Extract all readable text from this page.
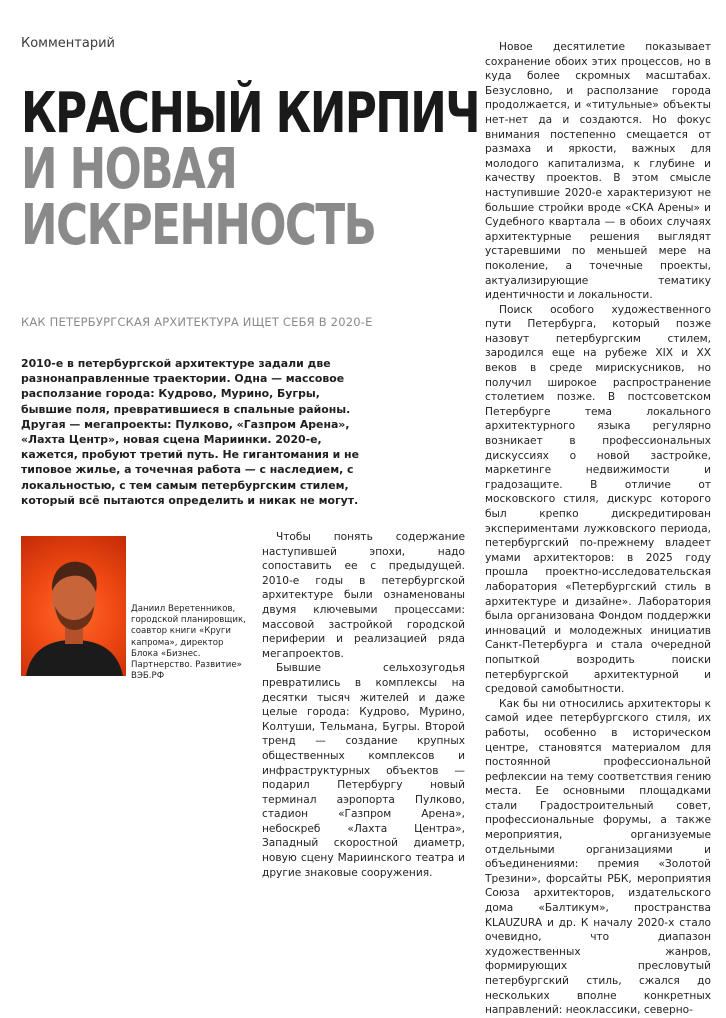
Комментарий
КРАСНЫЙ КИРПИЧ
И НОВАЯ
ИСКРЕННОСТЬ
КАК ПЕТЕРБУРГСКАЯ АРХИТЕКТУРА ИЩЕТ СЕБЯ В 2020-Е
2010-е в петербургской архитектуре задали две разнонаправленные траектории. Одна — массовое расползание города: Кудрово, Мурино, Бугры, бывшие поля, превратившиеся в спальные районы. Другая — мегапроекты: Пулково, «Газпром Арена», «Лахта Центр», новая сцена Мариинки. 2020-е, кажется, пробуют третий путь. Не гигантомания и не типовое жилье, а точечная работа — с наследием, с локальностью, с тем самым петербургским стилем, который всё пытаются определить и никак не могут.
Даниил Веретенников, городской планировщик, соавтор книги «Круги капрома», директор Блока «Бизнес. Партнерство. Развитие» ВЭБ.РФ

Чтобы понять содержание наступившей эпохи, надо сопоставить ее с предыдущей. 2010-е годы в петербургской архитектуре были ознаменованы двумя ключевыми процессами: массовой застройкой городской периферии и реализацией ряда мегапроектов.

Бывшие сельхозугодья превратились в комплексы на десятки тысяч жителей и даже целые города: Кудрово, Мурино, Колтуши, Тельмана, Бугры. Второй тренд — создание крупных общественных комплексов и инфраструктурных объектов — подарил Петербургу новый терминал аэропорта Пулково, стадион «Газпром Арена», небоскреб «Лахта Центра», Западный скоростной диаметр, новую сцену Мариинского театра и другие знаковые сооружения.

Новое десятилетие показывает сохранение обоих этих процессов, но в куда более скромных масштабах. Безусловно, и расползание города продолжается, и «титульные» объекты нет-нет да и создаются. Но фокус внимания постепенно смещается от размаха и яркости, важных для молодого капитализма, к глубине и качеству проектов. В этом смысле наступившие 2020-е характеризуют не большие стройки вроде «СКА Арены» и Судебного квартала — в обоих случаях архитектурные решения выглядят устаревшими по меньшей мере на поколение, а точечные проекты, актуализирующие тематику идентичности и локальности.

Поиск особого художественного пути Петербурга, который позже назовут петербургским стилем, зародился еще на рубеже XIX и XX веков в среде мирискусников, но получил широкое распространение столетием позже. В постсоветском Петербурге тема локального архитектурного языка регулярно возникает в профессиональных дискуссиях о новой застройке, маркетинге недвижимости и градозащите. В отличие от московского стиля, дискурс которого был крепко дискредитирован экспериментами лужковского периода, петербургский по-прежнему владеет умами архитекторов: в 2025 году прошла проектно-исследовательская лаборатория «Петербургский стиль в архитектуре и дизайне». Лаборатория была организована Фондом поддержки инноваций и молодежных инициатив Санкт-Петербурга и стала очередной попыткой возродить поиски петербургской архитектурной и средовой самобытности.

Как бы ни относились архитекторы к самой идее петербургского стиля, их работы, особенно в историческом центре, становятся материалом для постоянной профессиональной рефлексии на тему соответствия гению места. Ее основными площадками стали Градостроительный совет, профессиональные форумы, а также мероприятия, организуемые отдельными организациями и объединениями: премия «Золотой Трезини», форсайты РБК, мероприятия Союза архитекторов, издательского дома «Балтикум», пространства KLAUZURA и др. К началу 2020-х стало очевидно, что диапазон художественных жанров, формирующих пресловутый петербургский стиль, сжался до нескольких вполне конкретных направлений: неоклассики, северно-
